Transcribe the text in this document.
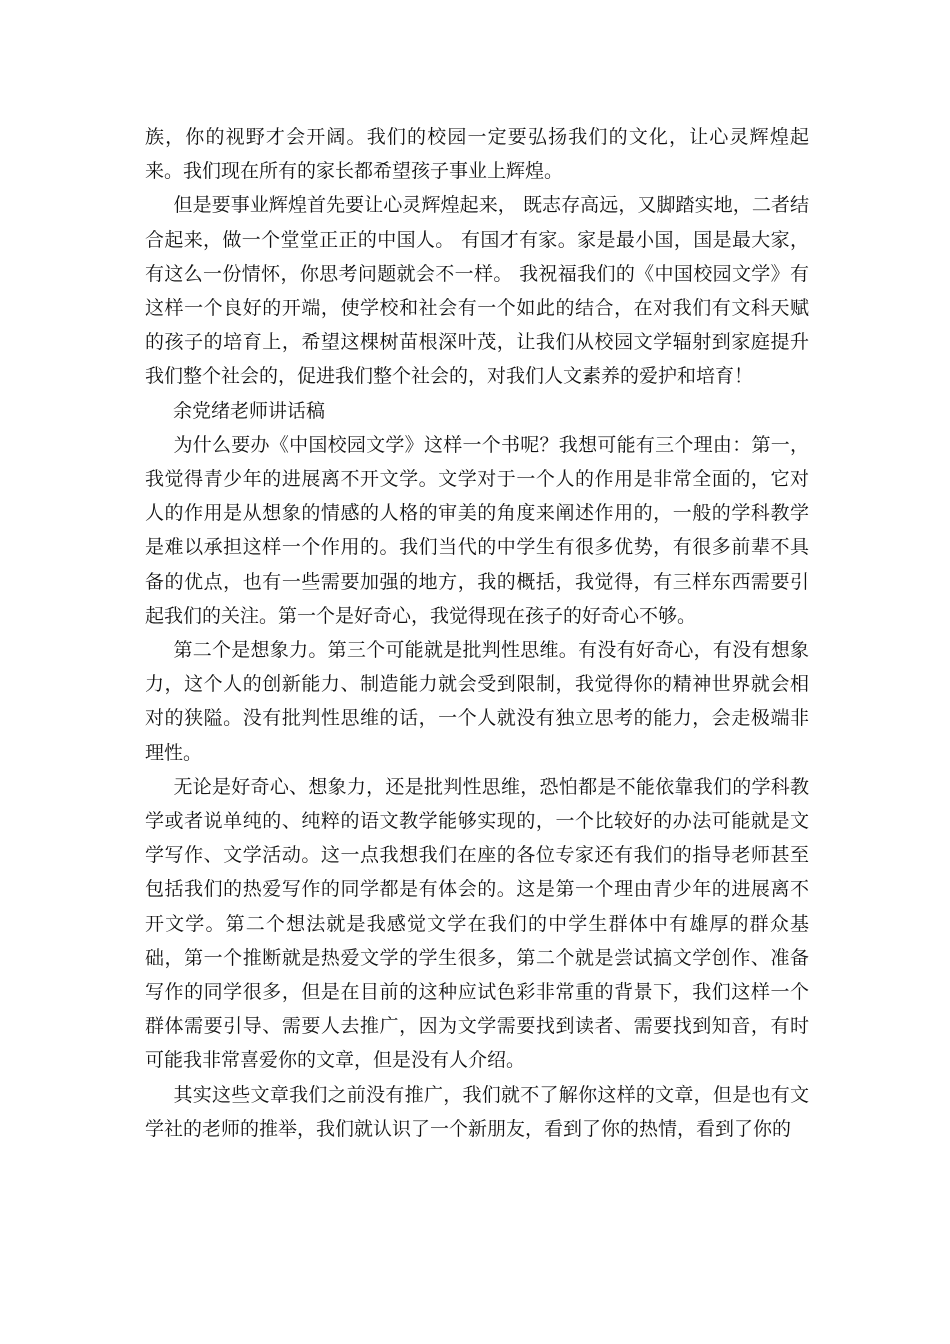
族，你的视野才会开阔。我们的校园一定要弘扬我们的文化，让心灵辉煌起来。我们现在所有的家长都希望孩子事业上辉煌。

但是要事业辉煌首先要让心灵辉煌起来， 既志存高远，又脚踏实地，二者结合起来，做一个堂堂正正的中国人。 有国才有家。家是最小国，国是最大家，有这么一份情怀，你思考问题就会不一样。 我祝福我们的《中国校园文学》有这样一个良好的开端，使学校和社会有一个如此的结合，在对我们有文科天赋的孩子的培育上，希望这棵树苗根深叶茂，让我们从校园文学辐射到家庭提升我们整个社会的，促进我们整个社会的，对我们人文素养的爱护和培育！

余党绪老师讲话稿

为什么要办《中国校园文学》这样一个书呢？我想可能有三个理由：第一，我觉得青少年的进展离不开文学。文学对于一个人的作用是非常全面的，它对人的作用是从想象的情感的人格的审美的角度来阐述作用的，一般的学科教学是难以承担这样一个作用的。我们当代的中学生有很多优势，有很多前辈不具备的优点，也有一些需要加强的地方，我的概括，我觉得，有三样东西需要引起我们的关注。第一个是好奇心，我觉得现在孩子的好奇心不够。

第二个是想象力。第三个可能就是批判性思维。有没有好奇心，有没有想象力，这个人的创新能力、制造能力就会受到限制，我觉得你的精神世界就会相对的狭隘。没有批判性思维的话，一个人就没有独立思考的能力，会走极端非理性。

无论是好奇心、想象力，还是批判性思维，恐怕都是不能依靠我们的学科教学或者说单纯的、纯粹的语文教学能够实现的，一个比较好的办法可能就是文学写作、文学活动。这一点我想我们在座的各位专家还有我们的指导老师甚至包括我们的热爱写作的同学都是有体会的。这是第一个理由青少年的进展离不开文学。第二个想法就是我感觉文学在我们的中学生群体中有雄厚的群众基础，第一个推断就是热爱文学的学生很多，第二个就是尝试搞文学创作、准备写作的同学很多，但是在目前的这种应试色彩非常重的背景下，我们这样一个群体需要引导、需要人去推广，因为文学需要找到读者、需要找到知音，有时可能我非常喜爱你的文章，但是没有人介绍。

其实这些文章我们之前没有推广，我们就不了解你这样的文章，但是也有文学社的老师的推举，我们就认识了一个新朋友，看到了你的热情，看到了你的
